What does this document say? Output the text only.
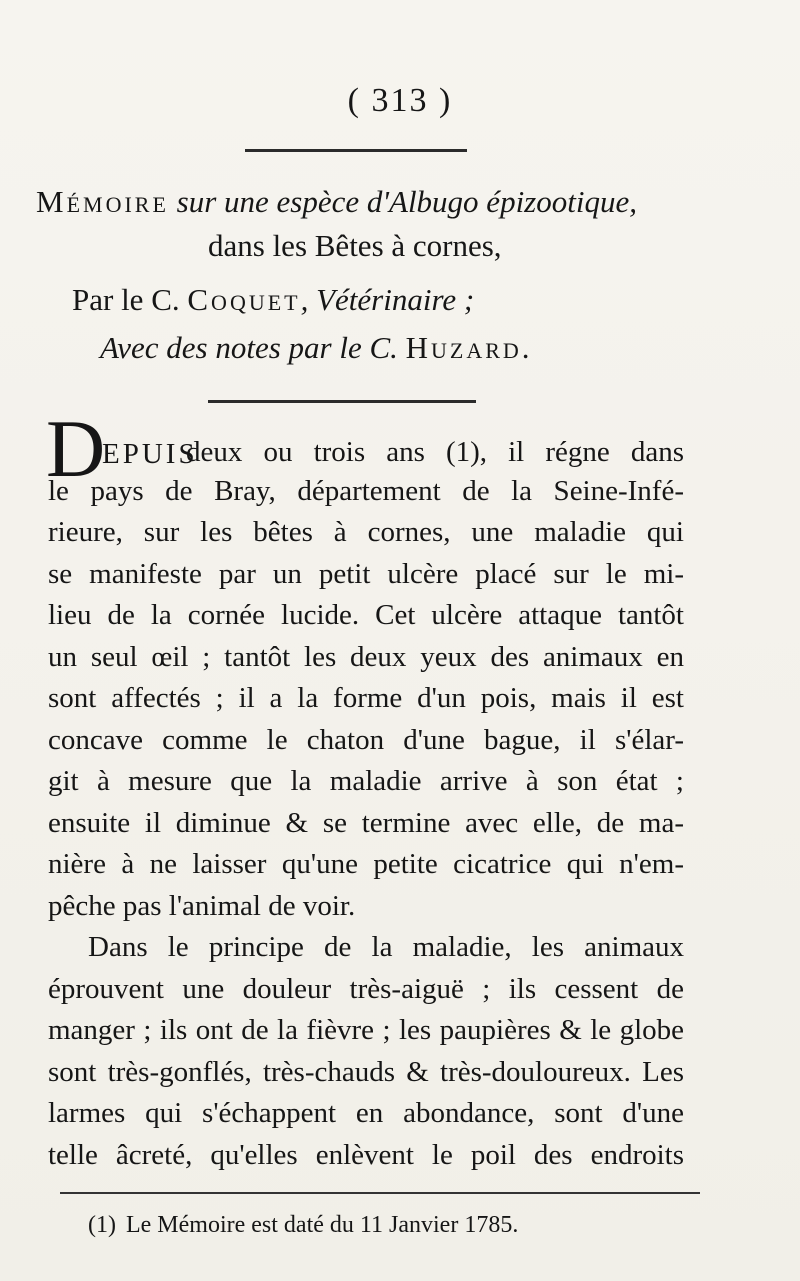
( 313 )
Mémoire sur une espèce d'Albugo épizootique,
dans les Bêtes à cornes,
Par le C. Coquet, Vétérinaire ;
Avec des notes par le C. Huzard.
D
EPUIS
deux ou trois ans (1), il régne dans
le pays de Bray, département de la Seine-Infé-
rieure, sur les bêtes à cornes, une maladie qui
se manifeste par un petit ulcère placé sur le mi-
lieu de la cornée lucide. Cet ulcère attaque tantôt
un seul œil ; tantôt les deux yeux des animaux en
sont affectés ; il a la forme d'un pois, mais il est
concave comme le chaton d'une bague, il s'élar-
git à mesure que la maladie arrive à son état ;
ensuite il diminue & se termine avec elle, de ma-
nière à ne laisser qu'une petite cicatrice qui n'em-
pêche pas l'animal de voir.
Dans le principe de la maladie, les animaux
éprouvent une douleur très-aiguë ; ils cessent de
manger ; ils ont de la fièvre ; les paupières & le globe
sont très-gonflés, très-chauds & très-douloureux. Les
larmes qui s'échappent en abondance, sont d'une
telle âcreté, qu'elles enlèvent le poil des endroits
(1) Le Mémoire est daté du 11 Janvier 1785.
